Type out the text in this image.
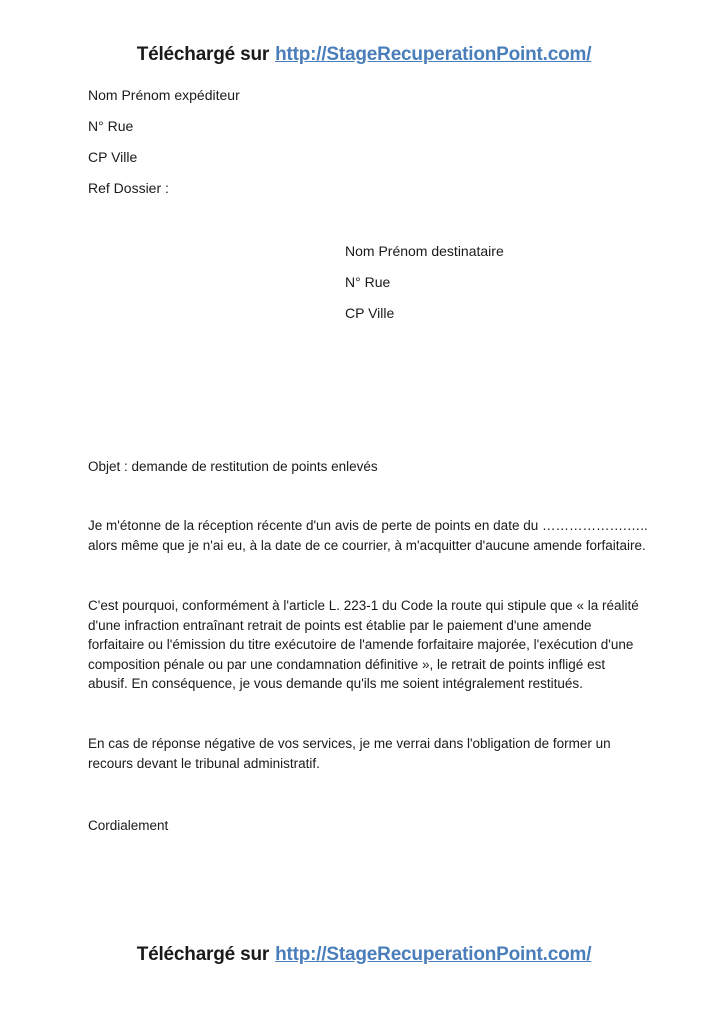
Téléchargé sur http://StageRecuperationPoint.com/
Nom Prénom expéditeur
N° Rue
CP Ville
Ref Dossier :
Nom Prénom destinataire
N° Rue
CP Ville
Objet : demande de restitution de points enlevés
Je m'étonne de la réception récente d'un avis de perte de points en date du ……………….….. alors même que je n'ai eu, à la date de ce courrier, à m'acquitter d'aucune amende forfaitaire.
C'est pourquoi, conformément à l'article L. 223-1 du Code la route qui stipule que « la réalité d'une infraction entraînant retrait de points est établie par le paiement d'une amende forfaitaire ou l'émission du titre exécutoire de l'amende forfaitaire majorée, l'exécution d'une composition pénale ou par une condamnation définitive », le retrait de points infligé est abusif. En conséquence, je vous demande qu'ils me soient intégralement restitués.
En cas de réponse négative de vos services, je me verrai dans l'obligation de former un recours devant le tribunal administratif.
Cordialement
Téléchargé sur http://StageRecuperationPoint.com/
